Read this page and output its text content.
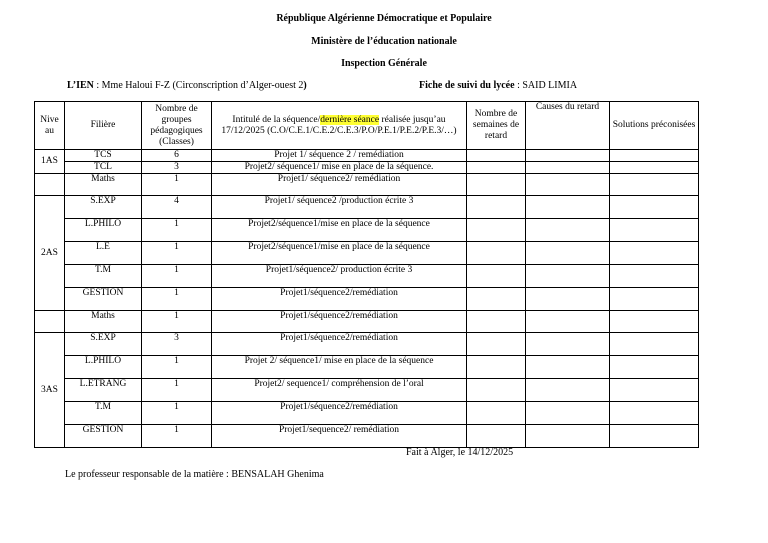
République Algérienne Démocratique et Populaire
Ministère de l’éducation nationale
Inspection Générale
L’IEN : Mme Haloui F-Z (Circonscription d’Alger-ouest 2)	Fiche de suivi du lycée : SAID LIMIA
Nive au	Filière	Nombre de groupes pédagogiques (Classes)	Intitulé de la séquence/dernière séance réalisée jusqu’au 17/12/2025 (C.O/C.E.1/C.E.2/C.E.3/P.O/P.E.1/P.E.2/P.E.3/…)	Nombre de semaines de retard	Causes du retard	Solutions préconisées
1AS	TCS	6	Projet 1/ séquence 2 / remédiation			
	TCL	3	Projet2/ séquence1/ mise en place de la séquence.			
	Maths	1	Projet1/ séquence2/ remédiation			
2AS	S.EXP	4	Projet1/ séquence2 /production écrite 3			
	L.PHILO	1	Projet2/séquence1/mise en place de la séquence			
	L.E	1	Projet2/séquence1/mise en place de la séquence			
	T.M	1	Projet1/séquence2/ production écrite 3			
	GESTION	1	Projet1/séquence2/remédiation			
	Maths	1	Projet1/séquence2/remédiation			
3AS	S.EXP	3	Projet1/séquence2/remédiation			
	L.PHILO	1	Projet 2/ séquence1/ mise en place de la séquence			
	L.ETRANG	1	Projet2/ sequence1/ compréhension de l’oral			
	T.M	1	Projet1/séquence2/remédiation			
	GESTION	1	Projet1/sequence2/ remédiation			
Fait à Alger, le 14/12/2025
Le professeur responsable de la matière : BENSALAH Ghenima
